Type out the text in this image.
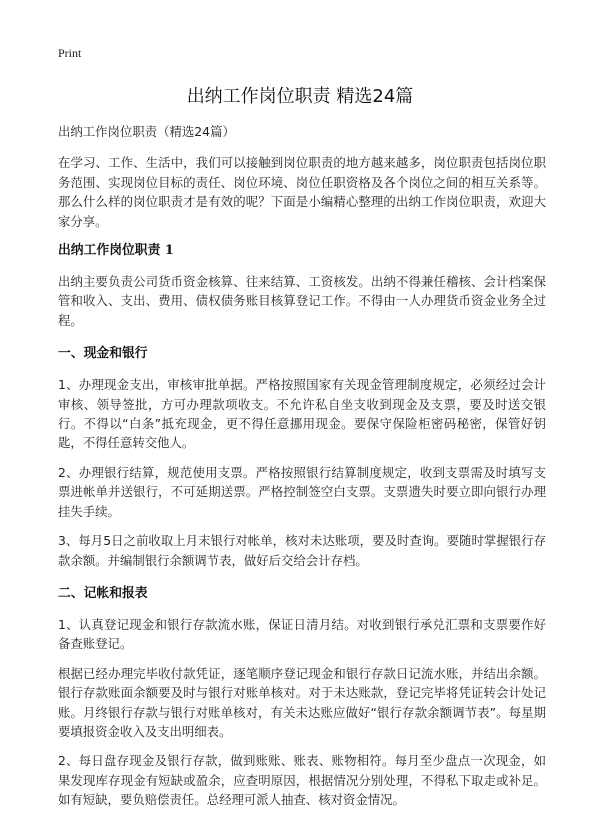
Print
出纳工作岗位职责 精选24篇

出纳工作岗位职责（精选24篇）

在学习、工作、生活中，我们可以接触到岗位职责的地方越来越多，岗位职责包括岗位职务范围、实现岗位目标的责任、岗位环境、岗位任职资格及各个岗位之间的相互关系等。那么什么样的岗位职责才是有效的呢？下面是小编精心整理的出纳工作岗位职责，欢迎大家分享。

出纳工作岗位职责 1

出纳主要负责公司货币资金核算、往来结算、工资核发。出纳不得兼任稽核、会计档案保管和收入、支出、费用、债权债务账目核算登记工作。不得由一人办理货币资金业务全过程。

一、现金和银行

1、办理现金支出，审核审批单据。严格按照国家有关现金管理制度规定，必须经过会计审核、领导签批，方可办理款项收支。不允许私自坐支收到现金及支票，要及时送交银行。不得以“白条”抵充现金，更不得任意挪用现金。要保守保险柜密码秘密，保管好钥匙，不得任意转交他人。

2、办理银行结算，规范使用支票。严格按照银行结算制度规定，收到支票需及时填写支票进帐单并送银行，不可延期送票。严格控制签空白支票。支票遗失时要立即向银行办理挂失手续。

3、每月5日之前收取上月末银行对帐单，核对未达账项，要及时查询。要随时掌握银行存款余额。并编制银行余额调节表，做好后交给会计存档。

二、记帐和报表

1、认真登记现金和银行存款流水账，保证日清月结。对收到银行承兑汇票和支票要作好备查账登记。

根据已经办理完毕收付款凭证，逐笔顺序登记现金和银行存款日记流水账，并结出余额。银行存款账面余额要及时与银行对账单核对。对于未达账款，登记完毕将凭证转会计处记账。月终银行存款与银行对账单核对，有关未达账应做好“银行存款余额调节表”。每星期要填报资金收入及支出明细表。

2、每日盘存现金及银行存款，做到账账、账表、账物相符。每月至少盘点一次现金，如果发现库存现金有短缺或盈余，应查明原因，根据情况分别处理，不得私下取走或补足。如有短缺，要负赔偿责任。总经理可派人抽查、核对资金情况。
